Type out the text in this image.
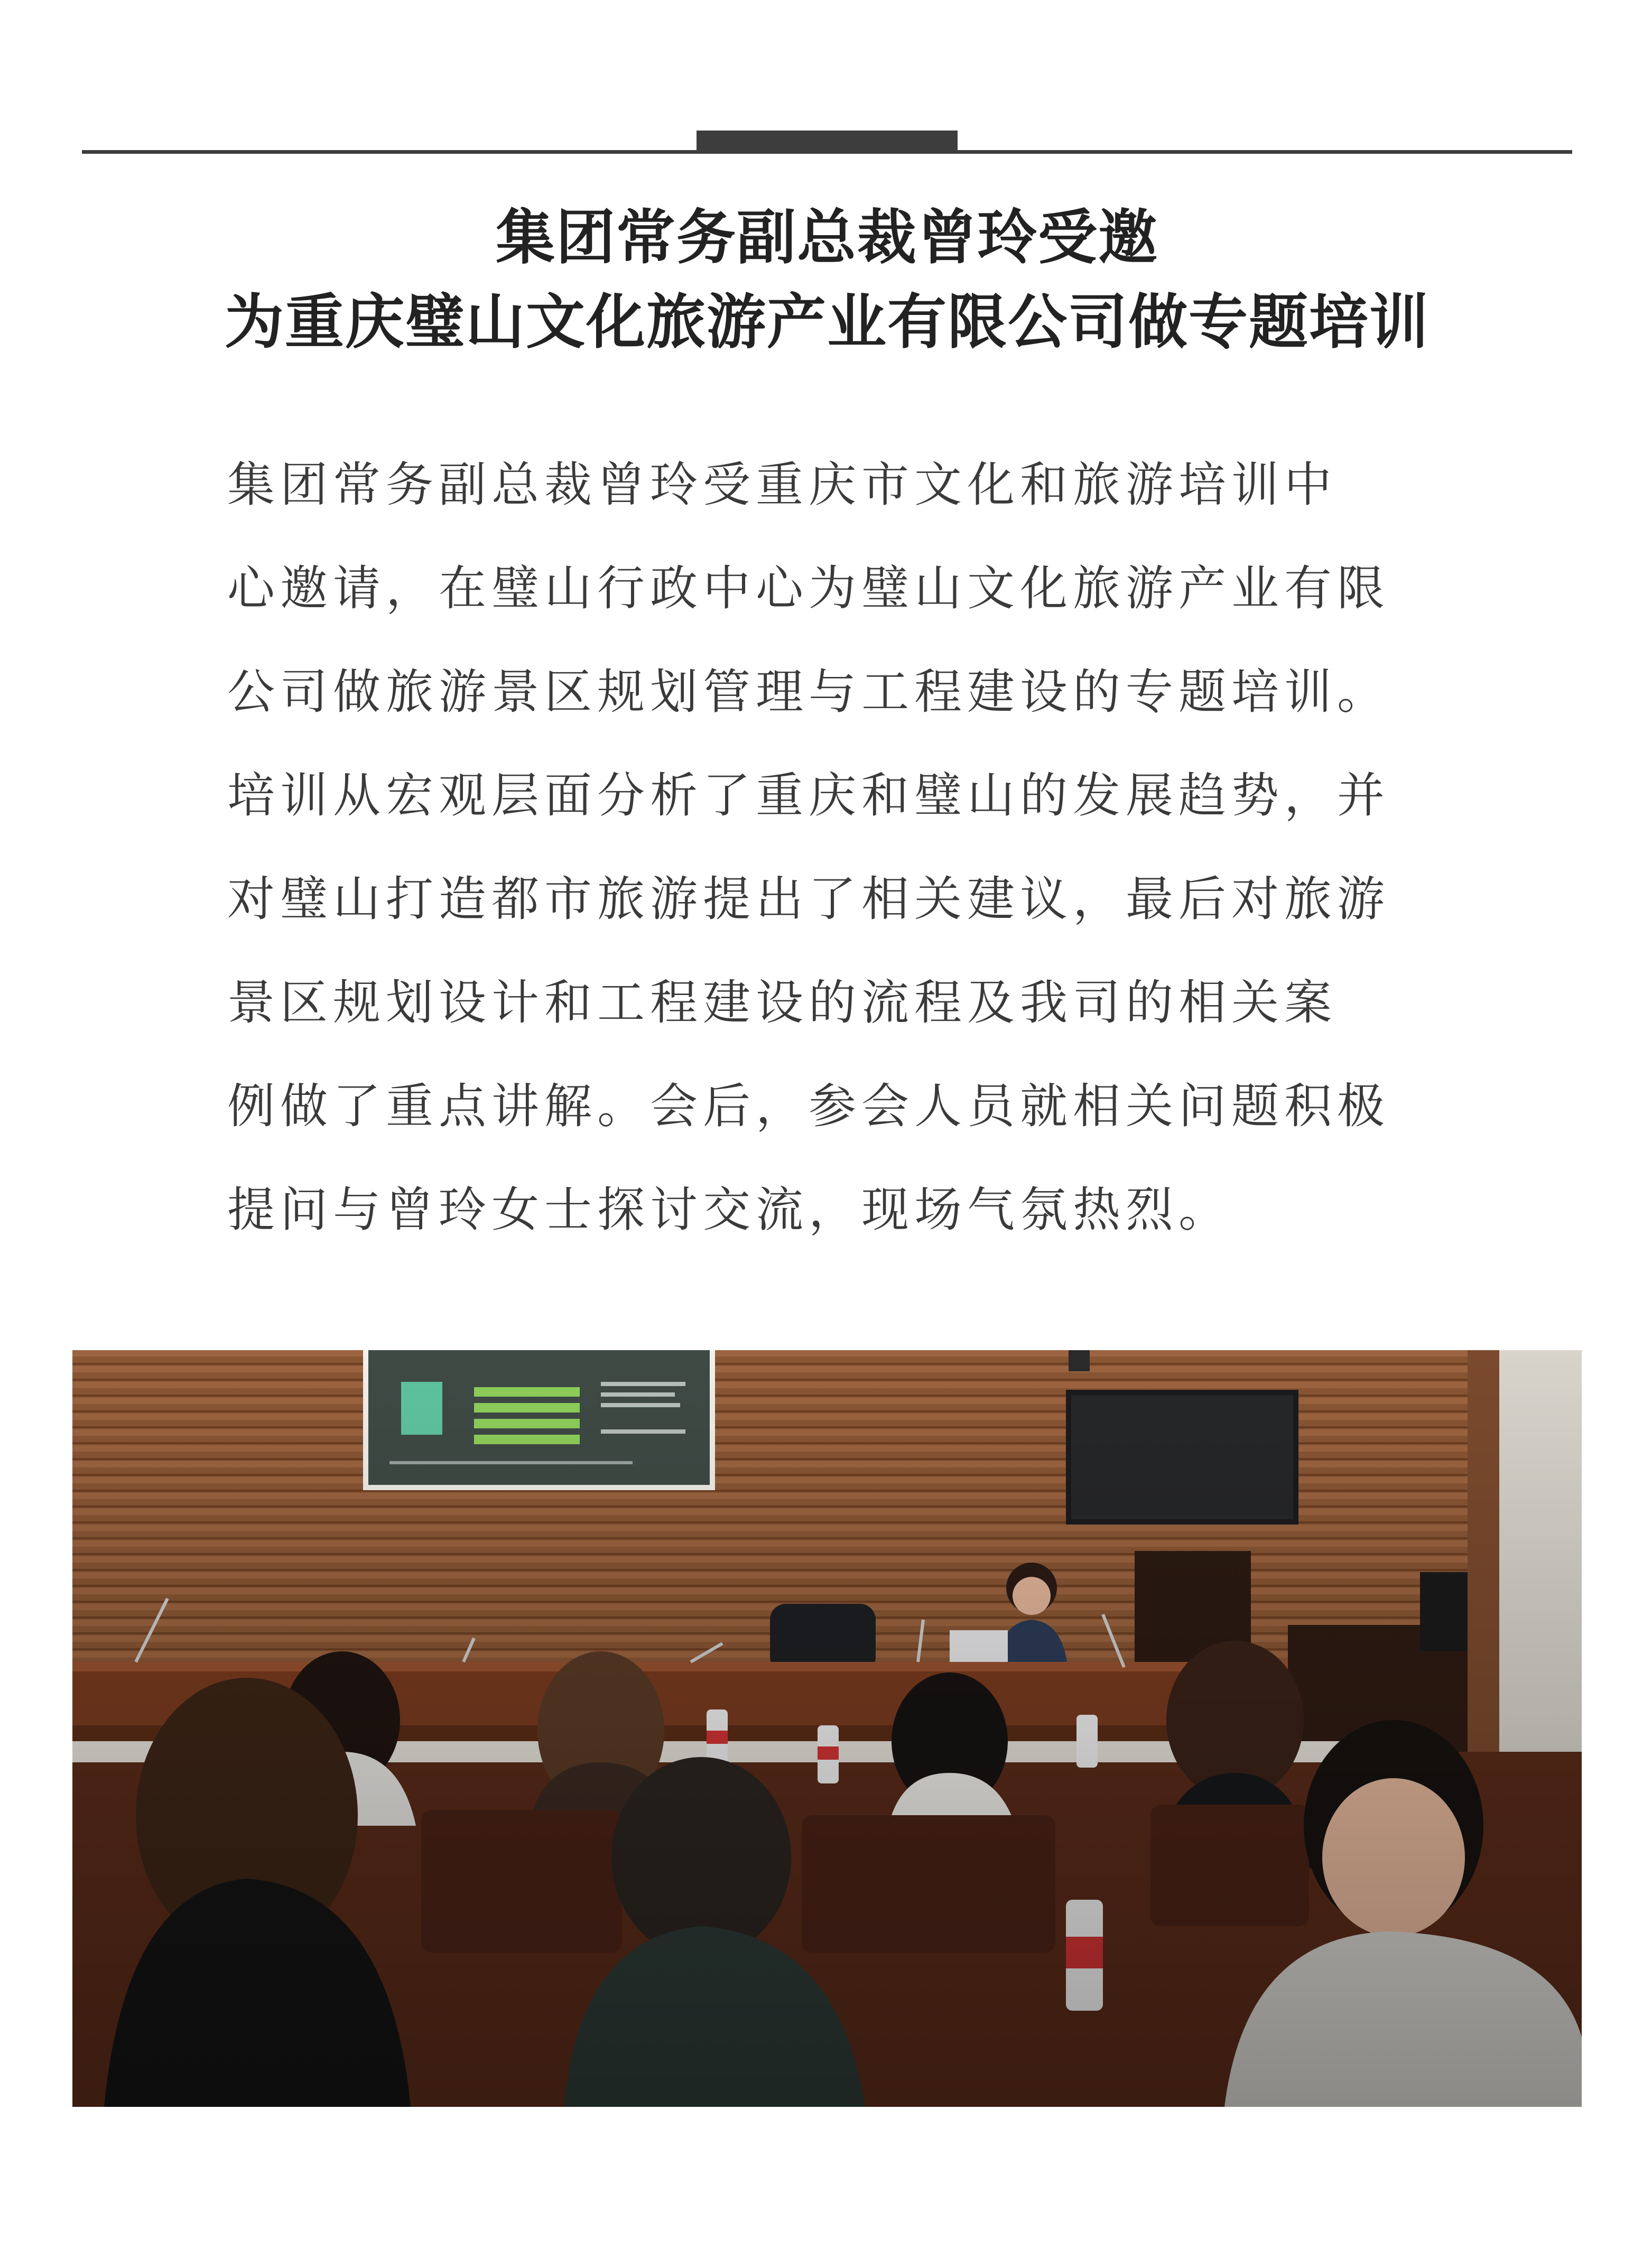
集团常务副总裁曾玲受邀
为重庆璧山文化旅游产业有限公司做专题培训
集团常务副总裁曾玲受重庆市文化和旅游培训中
心邀请，在璧山行政中心为璧山文化旅游产业有限
公司做旅游景区规划管理与工程建设的专题培训。
培训从宏观层面分析了重庆和璧山的发展趋势，并
对璧山打造都市旅游提出了相关建议，最后对旅游
景区规划设计和工程建设的流程及我司的相关案
例做了重点讲解。会后，参会人员就相关问题积极
提问与曾玲女士探讨交流，现场气氛热烈。
